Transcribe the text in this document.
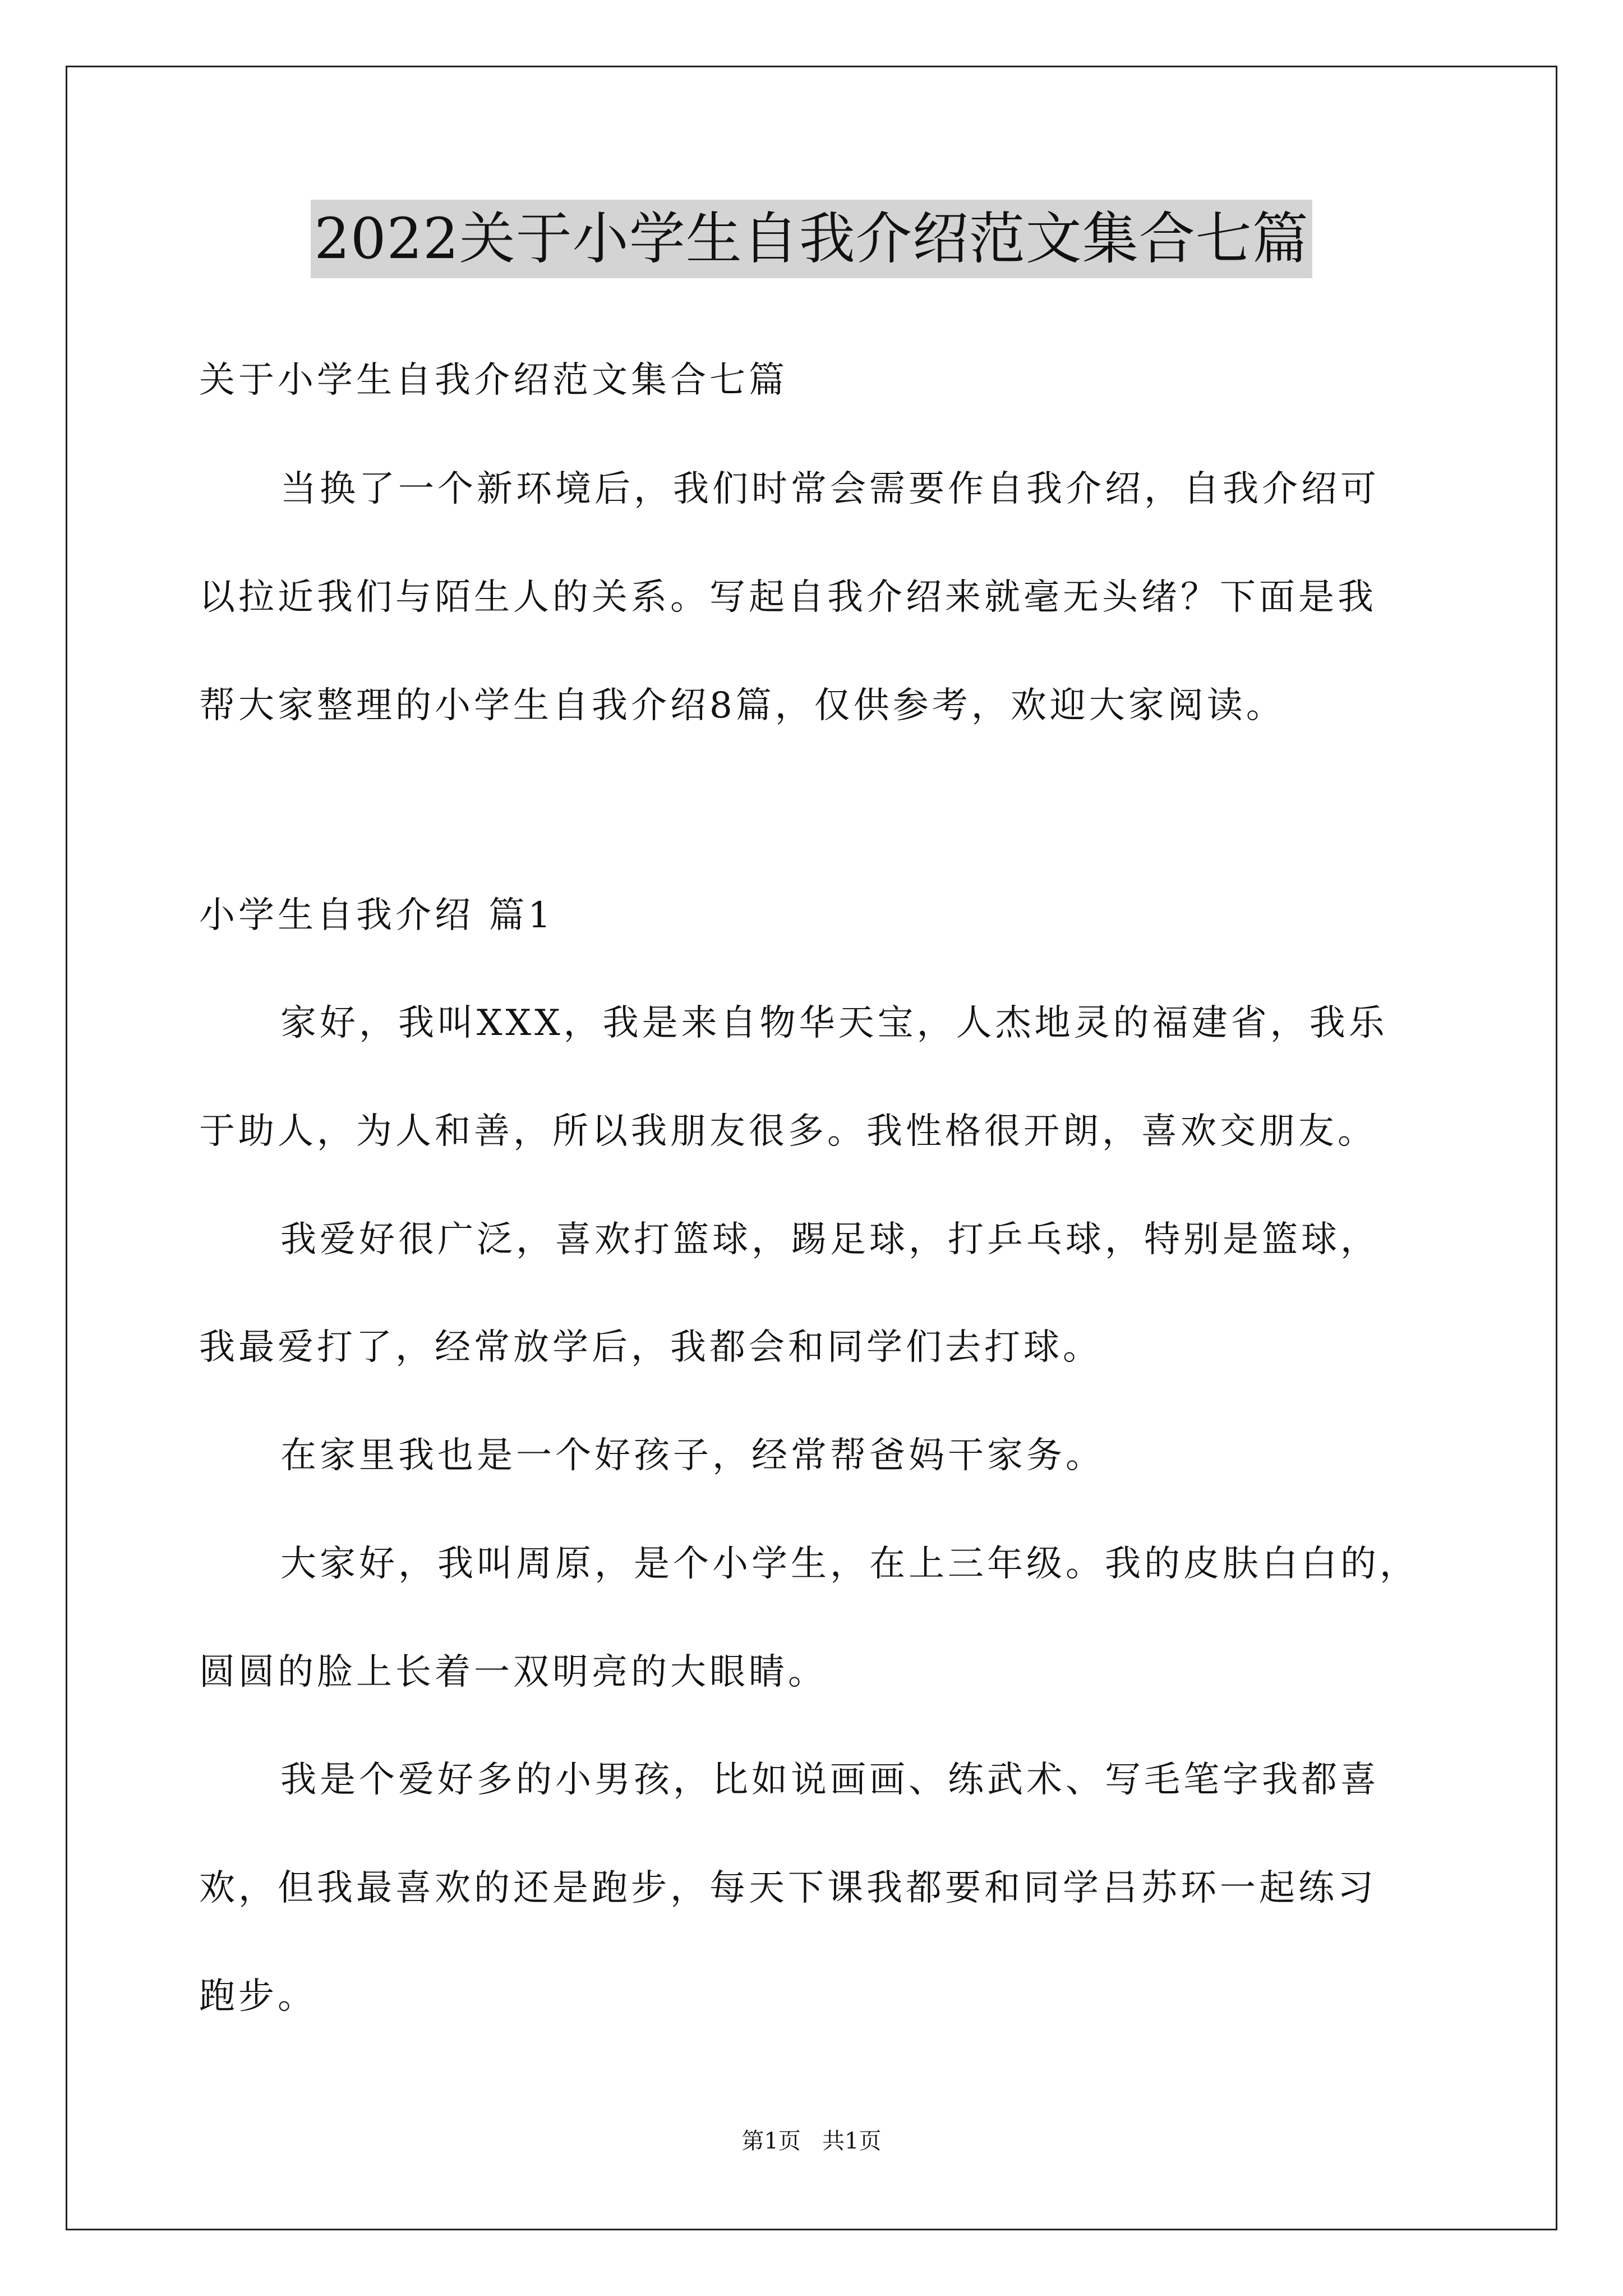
2022关于小学生自我介绍范文集合七篇
关于小学生自我介绍范文集合七篇
当换了一个新环境后，我们时常会需要作自我介绍，自我介绍可
以拉近我们与陌生人的关系。写起自我介绍来就毫无头绪？下面是我
帮大家整理的小学生自我介绍8篇，仅供参考，欢迎大家阅读。
小学生自我介绍 篇1
家好，我叫XXX，我是来自物华天宝，人杰地灵的福建省，我乐
于助人，为人和善，所以我朋友很多。我性格很开朗，喜欢交朋友。
我爱好很广泛，喜欢打篮球，踢足球，打乒乓球，特别是篮球，
我最爱打了，经常放学后，我都会和同学们去打球。
在家里我也是一个好孩子，经常帮爸妈干家务。
大家好，我叫周原，是个小学生，在上三年级。我的皮肤白白的，
圆圆的脸上长着一双明亮的大眼睛。
我是个爱好多的小男孩，比如说画画、练武术、写毛笔字我都喜
欢，但我最喜欢的还是跑步，每天下课我都要和同学吕苏环一起练习
跑步。
第1页   共1页
